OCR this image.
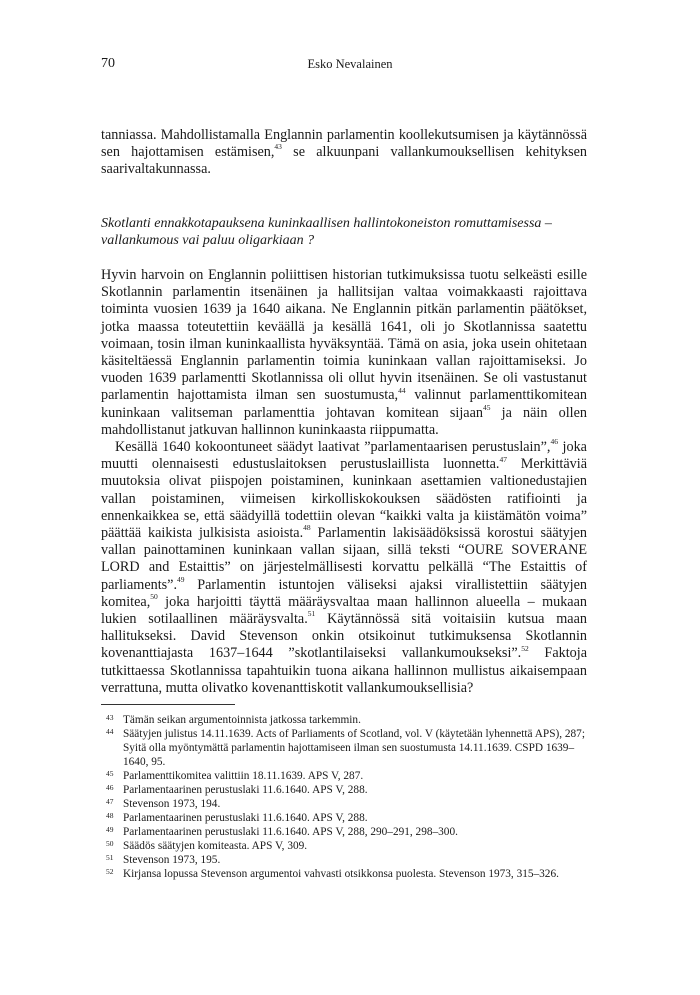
70	Esko Nevalainen

tanniassa. Mahdollistamalla Englannin parlamentin koollekutsumisen ja käytännössä sen hajottamisen estämisen,$^{43}$ se alkuunpani vallankumouksellisen kehityksen saarivaltakunnassa.

Skotlanti ennakkotapauksena kuninkaallisen hallintokoneiston romuttamisessa – vallankumous vai paluu oligarkiaan ?

Hyvin harvoin on Englannin poliittisen historian tutkimuksissa tuotu selkeästi esille Skotlannin parlamentin itsenäinen ja hallitsijan valtaa voimakkaasti rajoittava toiminta vuosien 1639 ja 1640 aikana. Ne Englannin pitkän parlamentin päätökset, jotka maassa toteutettiin keväällä ja kesällä 1641, oli jo Skotlannissa saatettu voimaan, tosin ilman kuninkaallista hyväksyntää. Tämä on asia, joka usein ohitetaan käsiteltäessä Englannin parlamentin toimia kuninkaan vallan rajoittamiseksi. Jo vuoden 1639 parlamentti Skotlannissa oli ollut hyvin itsenäinen. Se oli vastustanut parlamentin hajottamista ilman sen suostumusta,$^{44}$ valinnut parlamenttikomitean kuninkaan valitseman parlamenttia johtavan komitean sijaan$^{45}$ ja näin ollen mahdollistanut jatkuvan hallinnon kuninkaasta riippumatta.

Kesällä 1640 kokoontuneet säädyt laativat ”parlamentaarisen perustuslain”,$^{46}$ joka muutti olennaisesti edustuslaitoksen perustuslaillista luonnetta.$^{47}$ Merkittäviä muutoksia olivat piispojen poistaminen, kuninkaan asettamien valtionedustajien vallan poistaminen, viimeisen kirkolliskokouksen säädösten ratifiointi ja ennenkaikkea se, että säädyillä todettiin olevan “kaikki valta ja kiistämätön voima” päättää kaikista julkisista asioista.$^{48}$ Parlamentin lakisäädöksissä korostui säätyjen vallan painottaminen kuninkaan vallan sijaan, sillä teksti “OURE SOVERANE LORD and Estaittis” on järjestelmällisesti korvattu pelkällä “The Estaittis of parliaments”.$^{49}$ Parlamentin istuntojen väliseksi ajaksi virallistettiin säätyjen komitea,$^{50}$ joka harjoitti täyttä määräysvaltaa maan hallinnon alueella – mukaan lukien sotilaallinen määräysvalta.$^{51}$ Käytännössä sitä voitaisiin kutsua maan hallitukseksi. David Stevenson onkin otsikoinut tutkimuksensa Skotlannin kovenanttiajasta 1637–1644 ”skotlantilaiseksi vallankumoukseksi”.$^{52}$ Faktoja tutkittaessa Skotlannissa tapahtuikin tuona aikana hallinnon mullistus aikaisempaan verrattuna, mutta olivatko kovenanttiskotit vallankumouksellisia?

43 Tämän seikan argumentoinnista jatkossa tarkemmin.
44 Säätyjen julistus 14.11.1639. Acts of Parliaments of Scotland, vol. V (käytetään lyhennettä APS), 287; Syitä olla myöntymättä parlamentin hajottamiseen ilman sen suostumusta 14.11.1639. CSPD 1639–1640, 95.
45 Parlamenttikomitea valittiin 18.11.1639. APS V, 287.
46 Parlamentaarinen perustuslaki 11.6.1640. APS V, 288.
47 Stevenson 1973, 194.
48 Parlamentaarinen perustuslaki 11.6.1640. APS V, 288.
49 Parlamentaarinen perustuslaki 11.6.1640. APS V, 288, 290–291, 298–300.
50 Säädös säätyjen komiteasta. APS V, 309.
51 Stevenson 1973, 195.
52 Kirjansa lopussa Stevenson argumentoi vahvasti otsikkonsa puolesta. Stevenson 1973, 315–326.
